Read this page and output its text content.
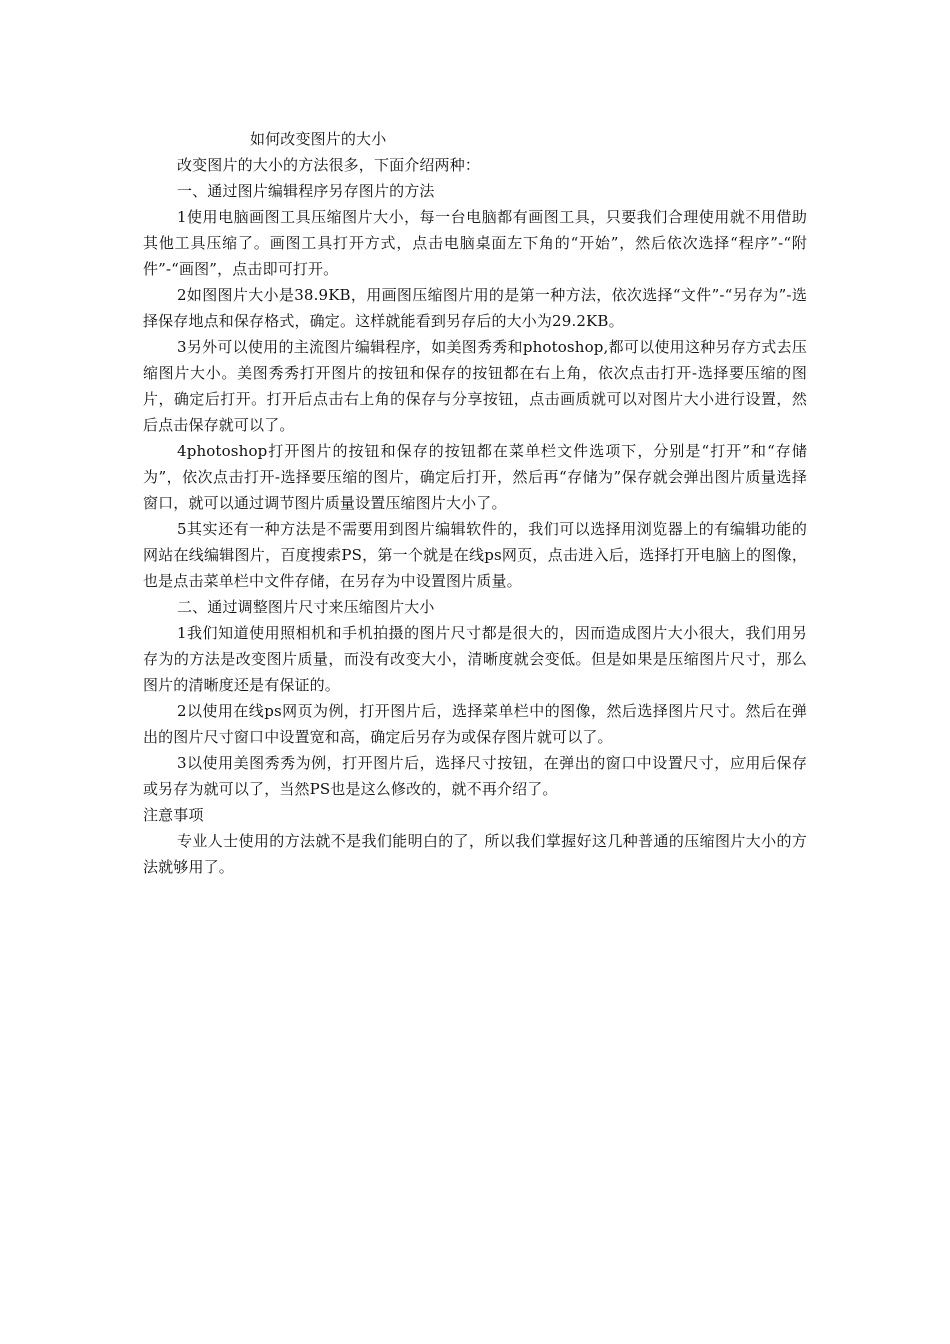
如何改变图片的大小

改变图片的大小的方法很多，下面介绍两种：

一、通过图片编辑程序另存图片的方法

1使用电脑画图工具压缩图片大小，每一台电脑都有画图工具，只要我们合理使用就不用借助其他工具压缩了。画图工具打开方式，点击电脑桌面左下角的“开始”，然后依次选择“程序”-“附件”-“画图”，点击即可打开。

2如图图片大小是38.9KB，用画图压缩图片用的是第一种方法，依次选择“文件”-“另存为”-选择保存地点和保存格式，确定。这样就能看到另存后的大小为29.2KB。

3另外可以使用的主流图片编辑程序，如美图秀秀和photoshop,都可以使用这种另存方式去压缩图片大小。美图秀秀打开图片的按钮和保存的按钮都在右上角，依次点击打开-选择要压缩的图片，确定后打开。打开后点击右上角的保存与分享按钮，点击画质就可以对图片大小进行设置，然后点击保存就可以了。

4photoshop打开图片的按钮和保存的按钮都在菜单栏文件选项下，分别是“打开”和“存储为”，依次点击打开-选择要压缩的图片，确定后打开，然后再“存储为”保存就会弹出图片质量选择窗口，就可以通过调节图片质量设置压缩图片大小了。

5其实还有一种方法是不需要用到图片编辑软件的，我们可以选择用浏览器上的有编辑功能的网站在线编辑图片，百度搜索PS，第一个就是在线ps网页，点击进入后，选择打开电脑上的图像，也是点击菜单栏中文件存储，在另存为中设置图片质量。

二、通过调整图片尺寸来压缩图片大小

1我们知道使用照相机和手机拍摄的图片尺寸都是很大的，因而造成图片大小很大，我们用另存为的方法是改变图片质量，而没有改变大小，清晰度就会变低。但是如果是压缩图片尺寸，那么图片的清晰度还是有保证的。

2以使用在线ps网页为例，打开图片后，选择菜单栏中的图像，然后选择图片尺寸。然后在弹出的图片尺寸窗口中设置宽和高，确定后另存为或保存图片就可以了。

3以使用美图秀秀为例，打开图片后，选择尺寸按钮，在弹出的窗口中设置尺寸，应用后保存或另存为就可以了，当然PS也是这么修改的，就不再介绍了。

注意事项

专业人士使用的方法就不是我们能明白的了，所以我们掌握好这几种普通的压缩图片大小的方法就够用了。
